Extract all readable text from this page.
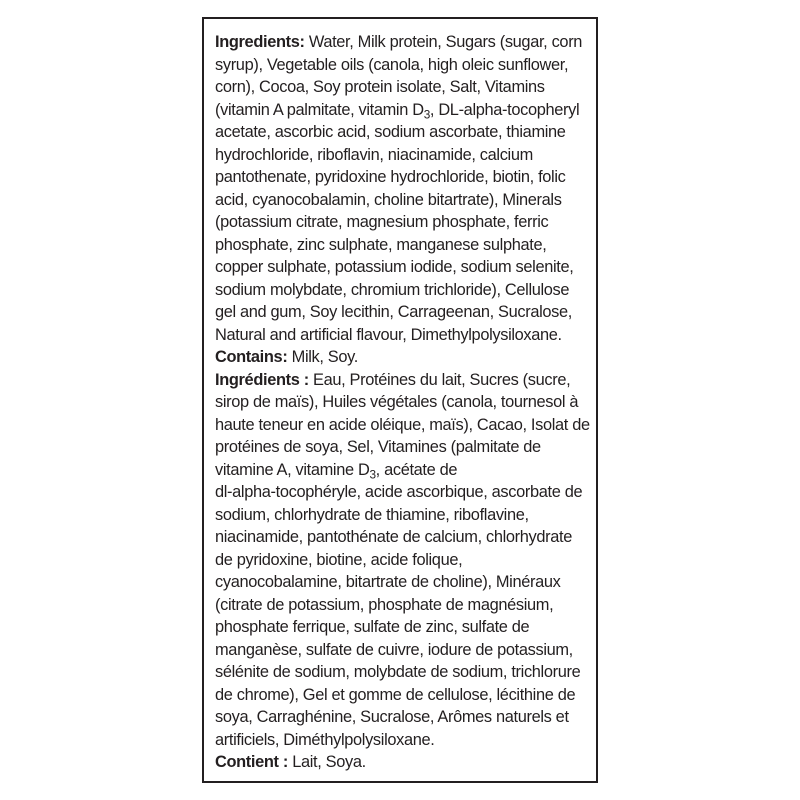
Ingredients: Water, Milk protein, Sugars (sugar, corn
syrup), Vegetable oils (canola, high oleic sunflower,
corn), Cocoa, Soy protein isolate, Salt, Vitamins
(vitamin A palmitate, vitamin $D_3$, DL-alpha-tocopheryl
acetate, ascorbic acid, sodium ascorbate, thiamine
hydrochloride, riboflavin, niacinamide, calcium
pantothenate, pyridoxine hydrochloride, biotin, folic
acid, cyanocobalamin, choline bitartrate), Minerals
(potassium citrate, magnesium phosphate, ferric
phosphate, zinc sulphate, manganese sulphate,
copper sulphate, potassium iodide, sodium selenite,
sodium molybdate, chromium trichloride), Cellulose
gel and gum, Soy lecithin, Carrageenan, Sucralose,
Natural and artificial flavour, Dimethylpolysiloxane.
Contains: Milk, Soy.
Ingrédients : Eau, Protéines du lait, Sucres (sucre,
sirop de maïs), Huiles végétales (canola, tournesol à
haute teneur en acide oléique, maïs), Cacao, Isolat de
protéines de soya, Sel, Vitamines (palmitate de
vitamine A, vitamine $D_3$, acétate de
dl-alpha-tocophéryle, acide ascorbique, ascorbate de
sodium, chlorhydrate de thiamine, riboflavine,
niacinamide, pantothénate de calcium, chlorhydrate
de pyridoxine, biotine, acide folique,
cyanocobalamine, bitartrate de choline), Minéraux
(citrate de potassium, phosphate de magnésium,
phosphate ferrique, sulfate de zinc, sulfate de
manganèse, sulfate de cuivre, iodure de potassium,
sélénite de sodium, molybdate de sodium, trichlorure
de chrome), Gel et gomme de cellulose, lécithine de
soya, Carraghénine, Sucralose, Arômes naturels et
artificiels, Diméthylpolysiloxane.
Contient : Lait, Soya.
